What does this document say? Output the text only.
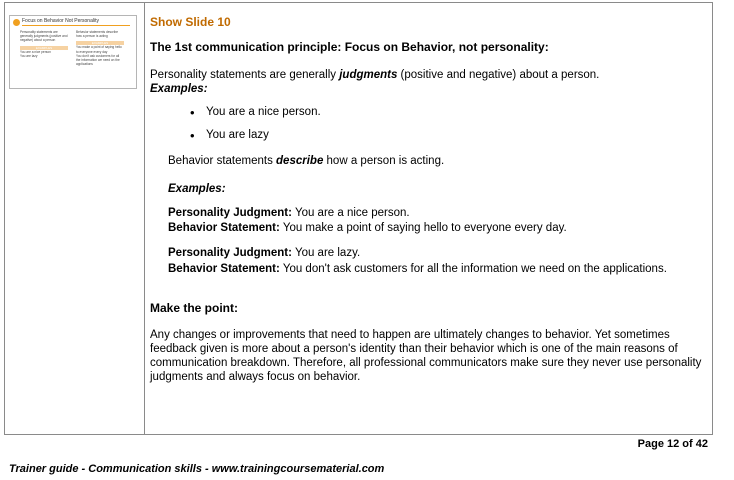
Focus on Behavior Not Personality
Personality statements are generally judgments (positive and negative) about a person
EXAMPLES
You are a nice person
You are lazy
Behavior statements describe how a person is acting
EXAMPLES
You make a point of saying hello to everyone every day
You don't ask customers for all the information we need on the applications

Show Slide 10

The 1st communication principle: Focus on Behavior, not personality:

Personality statements are generally judgments (positive and negative) about a person.
Examples:

• You are a nice person.
• You are lazy

Behavior statements describe how a person is acting.

Examples:

Personality Judgment: You are a nice person.
Behavior Statement: You make a point of saying hello to everyone every day.

Personality Judgment: You are lazy.
Behavior Statement: You don't ask customers for all the information we need on the applications.

Make the point:

Any changes or improvements that need to happen are ultimately changes to behavior. Yet sometimes feedback given is more about a person's identity than their behavior which is one of the main reasons of communication breakdown. Therefore, all professional communicators make sure they never use personality judgments and always focus on behavior.

Page 12 of 42
Trainer guide - Communication skills - www.trainingcoursematerial.com
